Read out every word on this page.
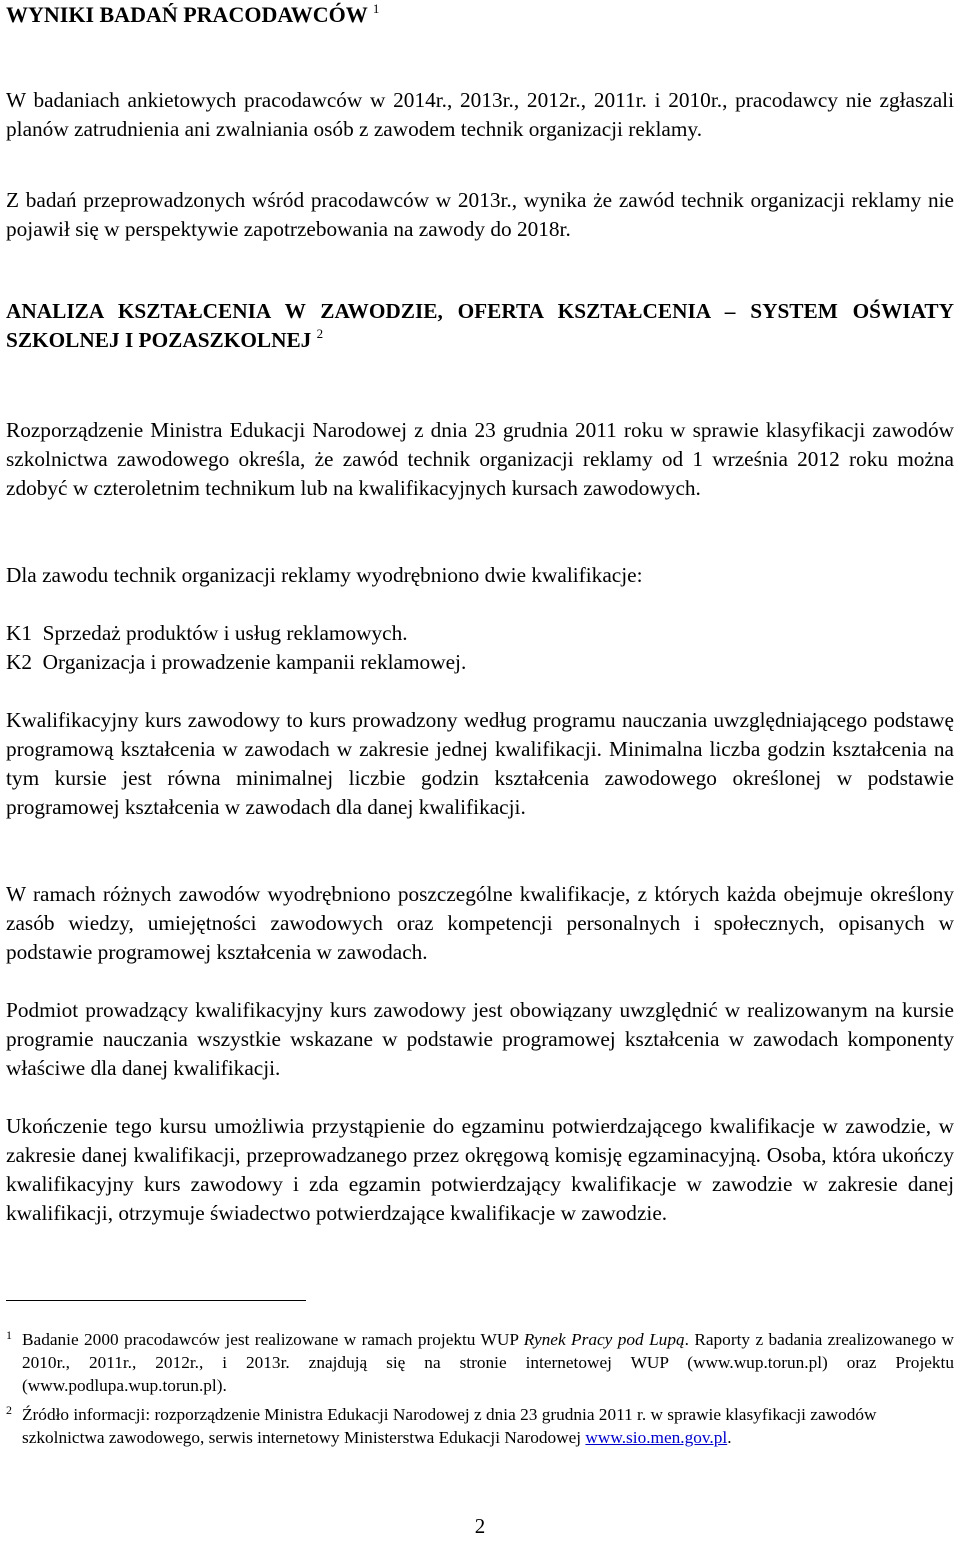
WYNIKI BADAŃ PRACODAWCÓW $^1$

W badaniach ankietowych pracodawców w 2014r., 2013r., 2012r., 2011r. i 2010r., pracodawcy nie zgłaszali planów zatrudnienia ani zwalniania osób z zawodem technik organizacji reklamy.

Z badań przeprowadzonych wśród pracodawców w 2013r., wynika że zawód technik organizacji reklamy nie pojawił się w perspektywie zapotrzebowania na zawody do 2018r.

ANALIZA KSZTAŁCENIA W ZAWODZIE, OFERTA KSZTAŁCENIA – SYSTEM OŚWIATY SZKOLNEJ I POZASZKOLNEJ $^2$

Rozporządzenie Ministra Edukacji Narodowej z dnia 23 grudnia 2011 roku w sprawie klasyfikacji zawodów szkolnictwa zawodowego określa, że zawód technik organizacji reklamy od 1 września 2012 roku można zdobyć w czteroletnim technikum lub na kwalifikacyjnych kursach zawodowych.

Dla zawodu technik organizacji reklamy wyodrębniono dwie kwalifikacje:

K1  Sprzedaż produktów i usług reklamowych.
K2  Organizacja i prowadzenie kampanii reklamowej.

Kwalifikacyjny kurs zawodowy to kurs prowadzony według programu nauczania uwzględniającego podstawę programową kształcenia w zawodach w zakresie jednej kwalifikacji. Minimalna liczba godzin kształcenia na tym kursie jest równa minimalnej liczbie godzin kształcenia zawodowego określonej w podstawie programowej kształcenia w zawodach dla danej kwalifikacji.

W ramach różnych zawodów wyodrębniono poszczególne kwalifikacje, z których każda obejmuje określony zasób wiedzy, umiejętności zawodowych oraz kompetencji personalnych i społecznych, opisanych w podstawie programowej kształcenia w zawodach.

Podmiot prowadzący kwalifikacyjny kurs zawodowy jest obowiązany uwzględnić w realizowanym na kursie programie nauczania wszystkie wskazane w podstawie programowej kształcenia w zawodach komponenty właściwe dla danej kwalifikacji.

Ukończenie tego kursu umożliwia przystąpienie do egzaminu potwierdzającego kwalifikacje w zawodzie, w zakresie danej kwalifikacji, przeprowadzanego przez okręgową komisję egzaminacyjną. Osoba, która ukończy kwalifikacyjny kurs zawodowy i zda egzamin potwierdzający kwalifikacje w zawodzie w zakresie danej kwalifikacji, otrzymuje świadectwo potwierdzające kwalifikacje w zawodzie.

1 Badanie 2000 pracodawców jest realizowane w ramach projektu WUP Rynek Pracy pod Lupą. Raporty z badania zrealizowanego w 2010r., 2011r., 2012r., i 2013r. znajdują się na stronie internetowej WUP (www.wup.torun.pl) oraz Projektu (www.podlupa.wup.torun.pl).
2 Źródło informacji: rozporządzenie Ministra Edukacji Narodowej z dnia 23 grudnia 2011 r. w sprawie klasyfikacji zawodów szkolnictwa zawodowego, serwis internetowy Ministerstwa Edukacji Narodowej www.sio.men.gov.pl.
2
